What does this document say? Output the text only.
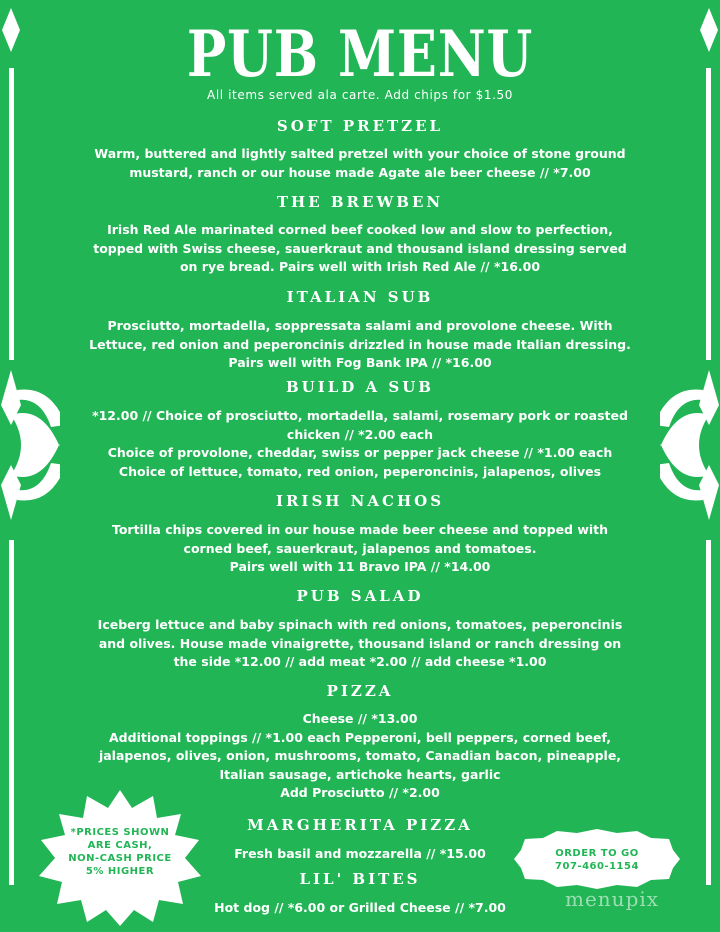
PUB MENU
All items served ala carte. Add chips for $1.50
SOFT PRETZEL

Warm, buttered and lightly salted pretzel with your choice of stone ground

mustard, ranch or our house made Agate ale beer cheese // *7.00

THE BREWBEN

Irish Red Ale marinated corned beef cooked low and slow to perfection,

topped with Swiss cheese, sauerkraut and thousand island dressing served

on rye bread. Pairs well with Irish Red Ale // *16.00

ITALIAN SUB

Prosciutto, mortadella, soppressata salami and provolone cheese. With

Lettuce, red onion and peperoncinis drizzled in house made Italian dressing.

Pairs well with Fog Bank IPA // *16.00

BUILD A SUB

*12.00 // Choice of prosciutto, mortadella, salami, rosemary pork or roasted

chicken // *2.00 each

Choice of provolone, cheddar, swiss or pepper jack cheese // *1.00 each

Choice of lettuce, tomato, red onion, peperoncinis, jalapenos, olives

IRISH NACHOS

Tortilla chips covered in our house made beer cheese and topped with

corned beef, sauerkraut, jalapenos and tomatoes.

Pairs well with 11 Bravo IPA // *14.00

PUB SALAD

Iceberg lettuce and baby spinach with red onions, tomatoes, peperoncinis

and olives. House made vinaigrette, thousand island or ranch dressing on

the side *12.00 // add meat *2.00 // add cheese *1.00

PIZZA

Cheese // *13.00

Additional toppings // *1.00 each Pepperoni, bell peppers, corned beef,

jalapenos, olives, onion, mushrooms, tomato, Canadian bacon, pineapple,

Italian sausage, artichoke hearts, garlic

Add Prosciutto // *2.00

MARGHERITA PIZZA

Fresh basil and mozzarella // *15.00

LIL' BITES

Hot dog // *6.00 or Grilled Cheese // *7.00

*PRICES SHOWN
ARE CASH,
NON-CASH PRICE
5% HIGHER
ORDER TO GO
707-460-1154
menupix
